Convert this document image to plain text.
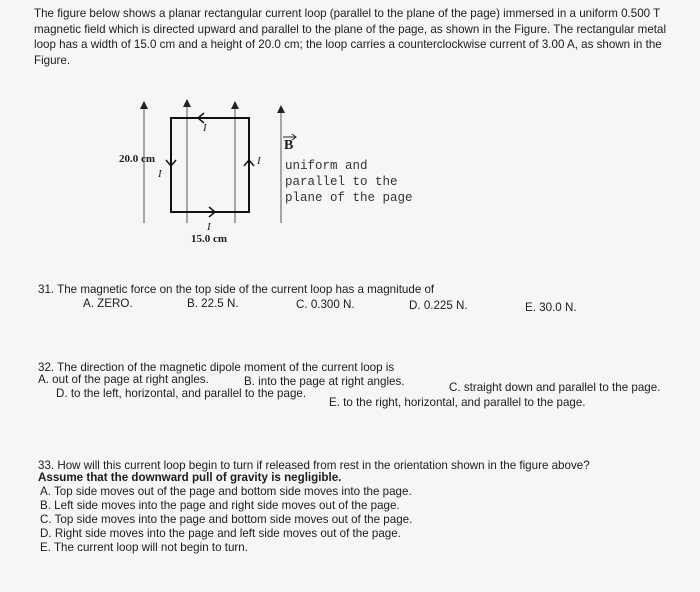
The figure below shows a planar rectangular current loop (parallel to the plane of the page) immersed in a uniform 0.500 T
magnetic field which is directed upward and parallel to the plane of the page, as shown in the Figure. The rectangular metal
loop has a width of 15.0 cm and a height of 20.0 cm; the loop carries a counterclockwise current of 3.00 A, as shown in the
Figure.
20.0 cm
I
I
I
I
15.0 cm
B
uniform and
parallel to the
plane of the page
31. The magnetic force on the top side of the current loop has a magnitude of
A. ZERO.	B. 22.5 N.	C. 0.300 N.	D. 0.225 N.	E. 30.0 N.
32. The direction of the magnetic dipole moment of the current loop is
A. out of the page at right angles.	B. into the page at right angles.	C. straight down and parallel to the page.
D. to the left, horizontal, and parallel to the page.
E. to the right, horizontal, and parallel to the page.
33. How will this current loop begin to turn if released from rest in the orientation shown in the figure above?
Assume that the downward pull of gravity is negligible.
A. Top side moves out of the page and bottom side moves into the page.
B. Left side moves into the page and right side moves out of the page.
C. Top side moves into the page and bottom side moves out of the page.
D. Right side moves into the page and left side moves out of the page.
E. The current loop will not begin to turn.
